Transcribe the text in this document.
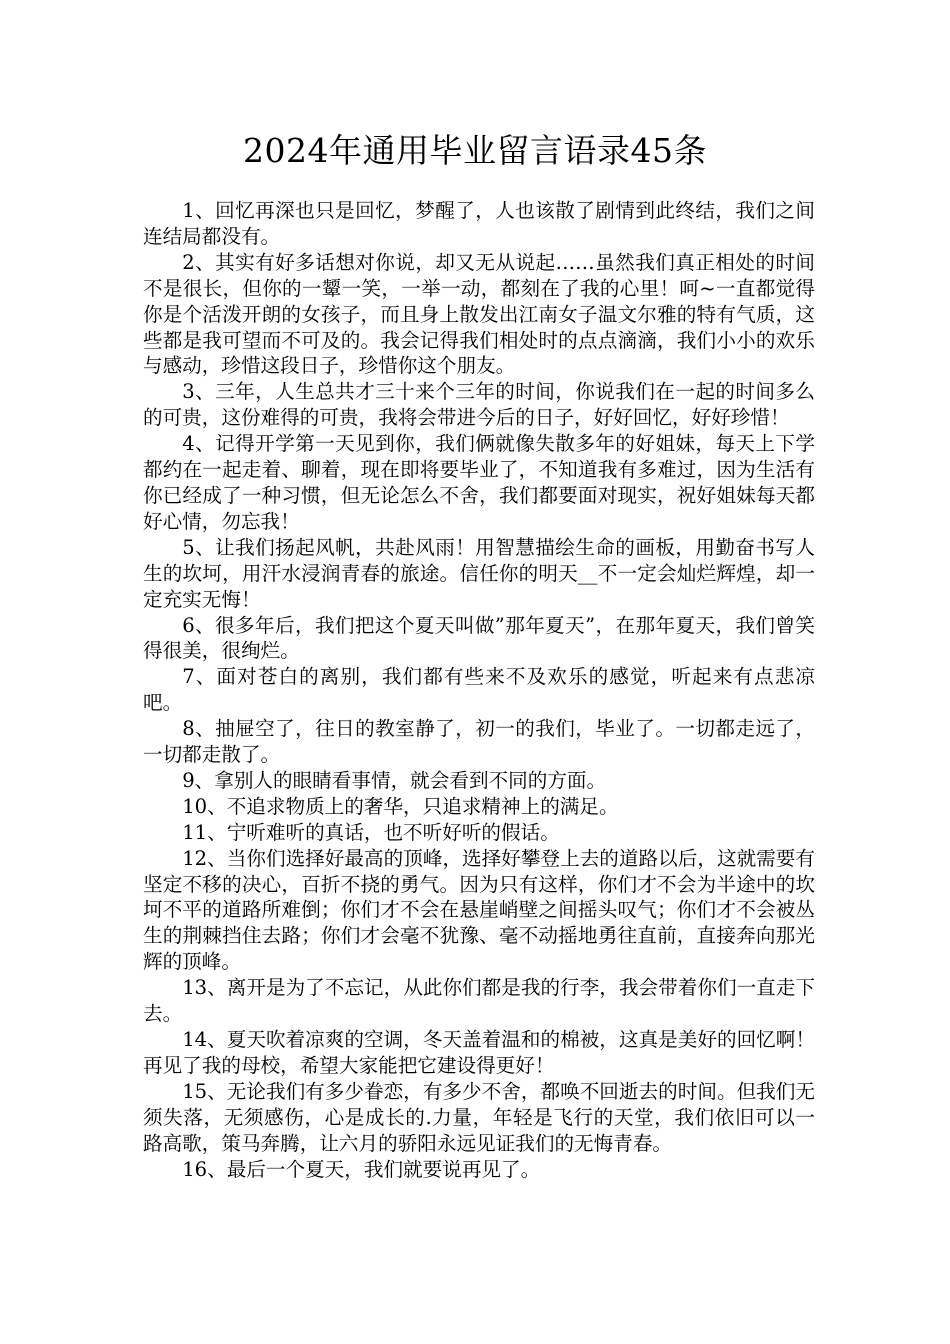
2024年通用毕业留言语录45条

1、回忆再深也只是回忆，梦醒了，人也该散了剧情到此终结，我们之间连结局都没有。

2、其实有好多话想对你说，却又无从说起……虽然我们真正相处的时间不是很长，但你的一颦一笑，一举一动，都刻在了我的心里！呵~一直都觉得你是个活泼开朗的女孩子，而且身上散发出江南女子温文尔雅的特有气质，这些都是我可望而不可及的。我会记得我们相处时的点点滴滴，我们小小的欢乐与感动，珍惜这段日子，珍惜你这个朋友。

3、三年，人生总共才三十来个三年的时间，你说我们在一起的时间多么的可贵，这份难得的可贵，我将会带进今后的日子，好好回忆，好好珍惜！

4、记得开学第一天见到你，我们俩就像失散多年的好姐妹，每天上下学都约在一起走着、聊着，现在即将要毕业了，不知道我有多难过，因为生活有你已经成了一种习惯，但无论怎么不舍，我们都要面对现实，祝好姐妹每天都好心情，勿忘我！

5、让我们扬起风帆，共赴风雨！用智慧描绘生命的画板，用勤奋书写人生的坎坷，用汗水浸润青春的旅途。信任你的明天__不一定会灿烂辉煌，却一定充实无悔！

6、很多年后，我们把这个夏天叫做”那年夏天”，在那年夏天，我们曾笑得很美，很绚烂。

7、面对苍白的离别，我们都有些来不及欢乐的感觉，听起来有点悲凉吧。

8、抽屉空了，往日的教室静了，初一的我们，毕业了。一切都走远了，一切都走散了。

9、拿别人的眼睛看事情，就会看到不同的方面。

10、不追求物质上的奢华，只追求精神上的满足。

11、宁听难听的真话，也不听好听的假话。

12、当你们选择好最高的顶峰，选择好攀登上去的道路以后，这就需要有坚定不移的决心，百折不挠的勇气。因为只有这样，你们才不会为半途中的坎坷不平的道路所难倒；你们才不会在悬崖峭壁之间摇头叹气；你们才不会被丛生的荆棘挡住去路；你们才会毫不犹豫、毫不动摇地勇往直前，直接奔向那光辉的顶峰。

13、离开是为了不忘记，从此你们都是我的行李，我会带着你们一直走下去。

14、夏天吹着凉爽的空调，冬天盖着温和的棉被，这真是美好的回忆啊！再见了我的母校，希望大家能把它建设得更好！

15、无论我们有多少眷恋，有多少不舍，都唤不回逝去的时间。但我们无须失落，无须感伤，心是成长的.力量，年轻是飞行的天堂，我们依旧可以一路高歌，策马奔腾，让六月的骄阳永远见证我们的无悔青春。

16、最后一个夏天，我们就要说再见了。
